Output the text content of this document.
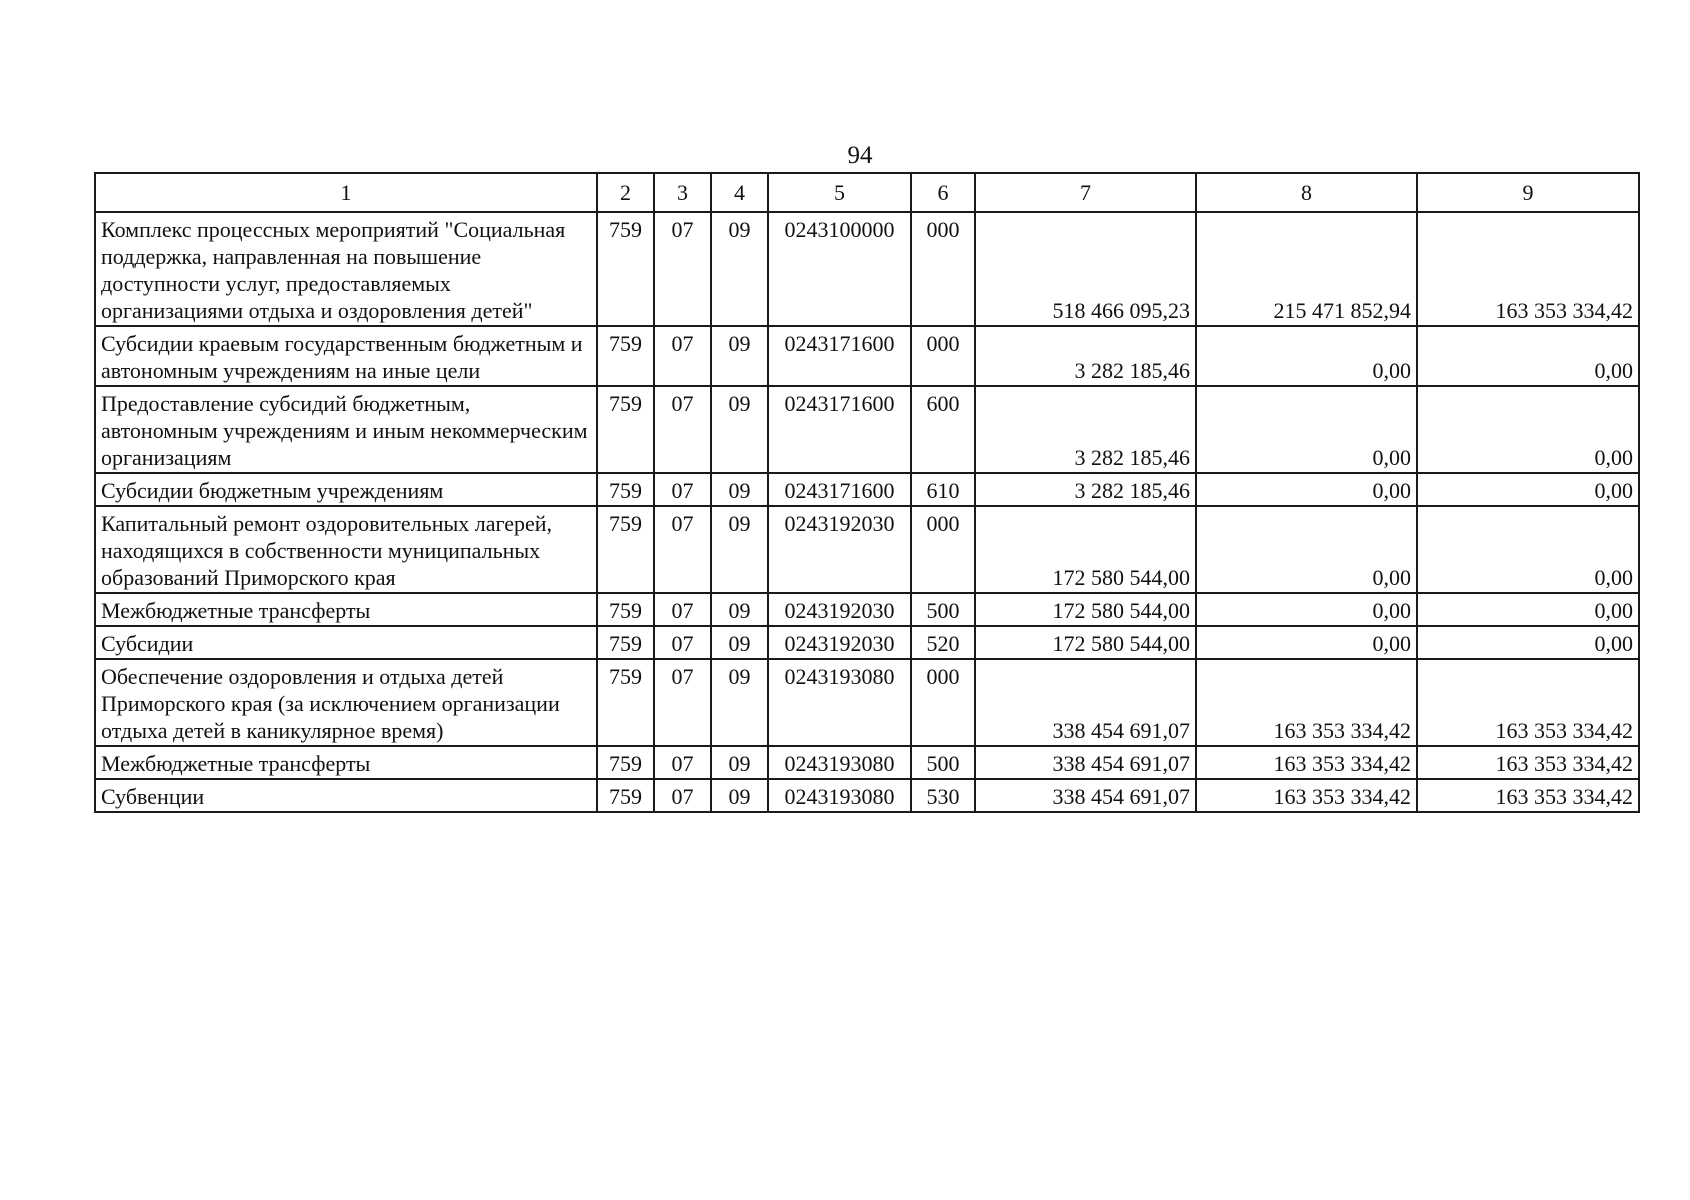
94
1	2	3	4	5	6	7	8	9
Комплекс процессных мероприятий "Социальная поддержка, направленная на повышение доступности услуг, предоставляемых организациями отдыха и оздоровления детей"	759	07	09	0243100000	000	518 466 095,23	215 471 852,94	163 353 334,42
Субсидии краевым государственным бюджетным и автономным учреждениям на иные цели	759	07	09	0243171600	000	3 282 185,46	0,00	0,00
Предоставление субсидий бюджетным, автономным учреждениям и иным некоммерческим организациям	759	07	09	0243171600	600	3 282 185,46	0,00	0,00
Субсидии бюджетным учреждениям	759	07	09	0243171600	610	3 282 185,46	0,00	0,00
Капитальный ремонт оздоровительных лагерей, находящихся в собственности муниципальных образований Приморского края	759	07	09	0243192030	000	172 580 544,00	0,00	0,00
Межбюджетные трансферты	759	07	09	0243192030	500	172 580 544,00	0,00	0,00
Субсидии	759	07	09	0243192030	520	172 580 544,00	0,00	0,00
Обеспечение оздоровления и отдыха детей Приморского края (за исключением организации отдыха детей в каникулярное время)	759	07	09	0243193080	000	338 454 691,07	163 353 334,42	163 353 334,42
Межбюджетные трансферты	759	07	09	0243193080	500	338 454 691,07	163 353 334,42	163 353 334,42
Субвенции	759	07	09	0243193080	530	338 454 691,07	163 353 334,42	163 353 334,42
